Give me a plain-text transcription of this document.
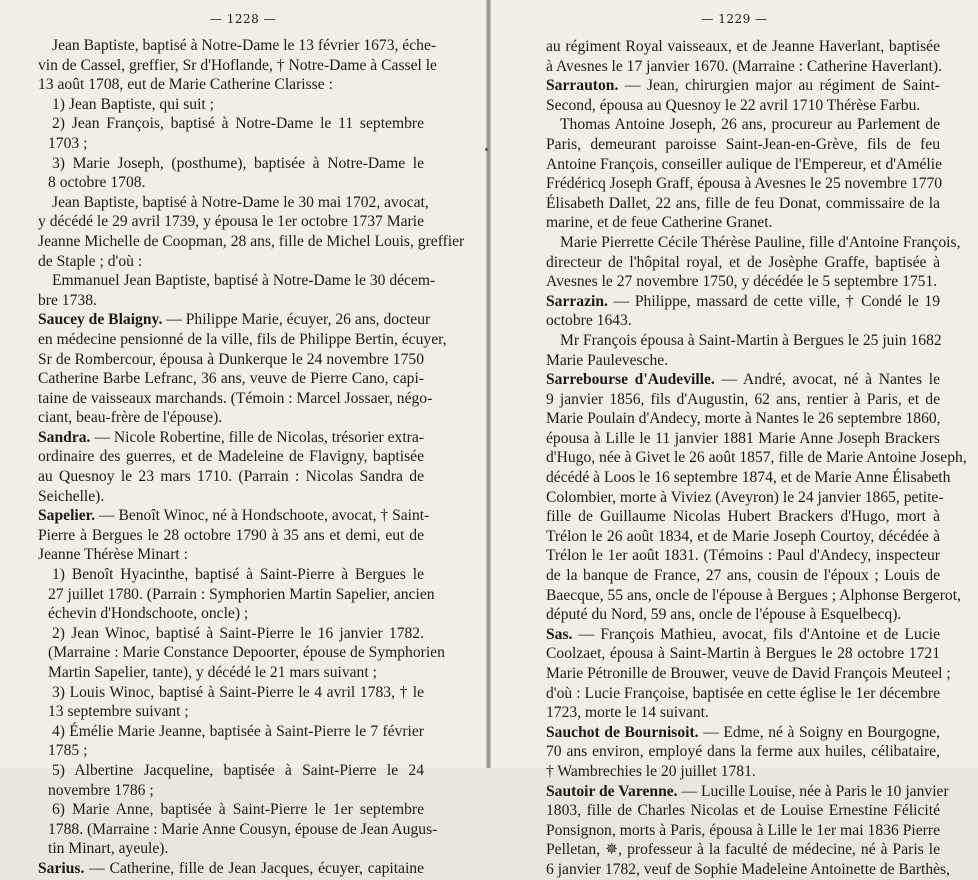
— 1228 —
Jean Baptiste, baptisé à Notre-Dame le 13 février 1673, éche-
vin de Cassel, greffier, Sr d'Hoflande, † Notre-Dame à Cassel le
13 août 1708, eut de Marie Catherine Clarisse :
1) Jean Baptiste, qui suit ;
2) Jean François, baptisé à Notre-Dame le 11 septembre
1703 ;
3) Marie Joseph, (posthume), baptisée à Notre-Dame le
8 octobre 1708.
Jean Baptiste, baptisé à Notre-Dame le 30 mai 1702, avocat,
y décédé le 29 avril 1739, y épousa le 1er octobre 1737 Marie
Jeanne Michelle de Coopman, 28 ans, fille de Michel Louis, greffier
de Staple ; d'où :
Emmanuel Jean Baptiste, baptisé à Notre-Dame le 30 décem-
bre 1738.
Saucey de Blaigny. — Philippe Marie, écuyer, 26 ans, docteur
en médecine pensionné de la ville, fils de Philippe Bertin, écuyer,
Sr de Rombercour, épousa à Dunkerque le 24 novembre 1750
Catherine Barbe Lefranc, 36 ans, veuve de Pierre Cano, capi-
taine de vaisseaux marchands. (Témoin : Marcel Jossaer, négo-
ciant, beau-frère de l'épouse).
Sandra. — Nicole Robertine, fille de Nicolas, trésorier extra-
ordinaire des guerres, et de Madeleine de Flavigny, baptisée
au Quesnoy le 23 mars 1710. (Parrain : Nicolas Sandra de
Seichelle).
Sapelier. — Benoît Winoc, né à Hondschoote, avocat, † Saint-
Pierre à Bergues le 28 octobre 1790 à 35 ans et demi, eut de
Jeanne Thérèse Minart :
1) Benoît Hyacinthe, baptisé à Saint-Pierre à Bergues le
27 juillet 1780. (Parrain : Symphorien Martin Sapelier, ancien
échevin d'Hondschoote, oncle) ;
2) Jean Winoc, baptisé à Saint-Pierre le 16 janvier 1782.
(Marraine : Marie Constance Depoorter, épouse de Symphorien
Martin Sapelier, tante), y décédé le 21 mars suivant ;
3) Louis Winoc, baptisé à Saint-Pierre le 4 avril 1783, † le
13 septembre suivant ;
4) Émélie Marie Jeanne, baptisée à Saint-Pierre le 7 février
1785 ;
5) Albertine Jacqueline, baptisée à Saint-Pierre le 24
novembre 1786 ;
6) Marie Anne, baptisée à Saint-Pierre le 1er septembre
1788. (Marraine : Marie Anne Cousyn, épouse de Jean Augus-
tin Minart, ayeule).
Sarius. — Catherine, fille de Jean Jacques, écuyer, capitaine
— 1229 —
au régiment Royal vaisseaux, et de Jeanne Haverlant, baptisée
à Avesnes le 17 janvier 1670. (Marraine : Catherine Haverlant).
Sarrauton. — Jean, chirurgien major au régiment de Saint-
Second, épousa au Quesnoy le 22 avril 1710 Thérèse Farbu.
Thomas Antoine Joseph, 26 ans, procureur au Parlement de
Paris, demeurant paroisse Saint-Jean-en-Grève, fils de feu
Antoine François, conseiller aulique de l'Empereur, et d'Amélie
Frédéricq Joseph Graff, épousa à Avesnes le 25 novembre 1770
Élisabeth Dallet, 22 ans, fille de feu Donat, commissaire de la
marine, et de feue Catherine Granet.
Marie Pierrette Cécile Thérèse Pauline, fille d'Antoine François,
directeur de l'hôpital royal, et de Josèphe Graffe, baptisée à
Avesnes le 27 novembre 1750, y décédée le 5 septembre 1751.
Sarrazin. — Philippe, massard de cette ville, † Condé le 19
octobre 1643.
Mr François épousa à Saint-Martin à Bergues le 25 juin 1682
Marie Paulevesche.
Sarrebourse d'Audeville. — André, avocat, né à Nantes le
9 janvier 1856, fils d'Augustin, 62 ans, rentier à Paris, et de
Marie Poulain d'Andecy, morte à Nantes le 26 septembre 1860,
épousa à Lille le 11 janvier 1881 Marie Anne Joseph Brackers
d'Hugo, née à Givet le 26 août 1857, fille de Marie Antoine Joseph,
décédé à Loos le 16 septembre 1874, et de Marie Anne Élisabeth
Colombier, morte à Viviez (Aveyron) le 24 janvier 1865, petite-
fille de Guillaume Nicolas Hubert Brackers d'Hugo, mort à
Trélon le 26 août 1834, et de Marie Joseph Courtoy, décédée à
Trélon le 1er août 1831. (Témoins : Paul d'Andecy, inspecteur
de la banque de France, 27 ans, cousin de l'époux ; Louis de
Baecque, 55 ans, oncle de l'épouse à Bergues ; Alphonse Bergerot,
député du Nord, 59 ans, oncle de l'épouse à Esquelbecq).
Sas. — François Mathieu, avocat, fils d'Antoine et de Lucie
Coolzaet, épousa à Saint-Martin à Bergues le 28 octobre 1721
Marie Pétronille de Brouwer, veuve de David François Meuteel ;
d'où : Lucie Françoise, baptisée en cette église le 1er décembre
1723, morte le 14 suivant.
Sauchot de Bournisoit. — Edme, né à Soigny en Bourgogne,
70 ans environ, employé dans la ferme aux huiles, célibataire,
† Wambrechies le 20 juillet 1781.
Sautoir de Varenne. — Lucille Louise, née à Paris le 10 janvier
1803, fille de Charles Nicolas et de Louise Ernestine Félicité
Ponsignon, morts à Paris, épousa à Lille le 1er mai 1836 Pierre
Pelletan, ✵, professeur à la faculté de médecine, né à Paris le
6 janvier 1782, veuf de Sophie Madeleine Antoinette de Barthès,
